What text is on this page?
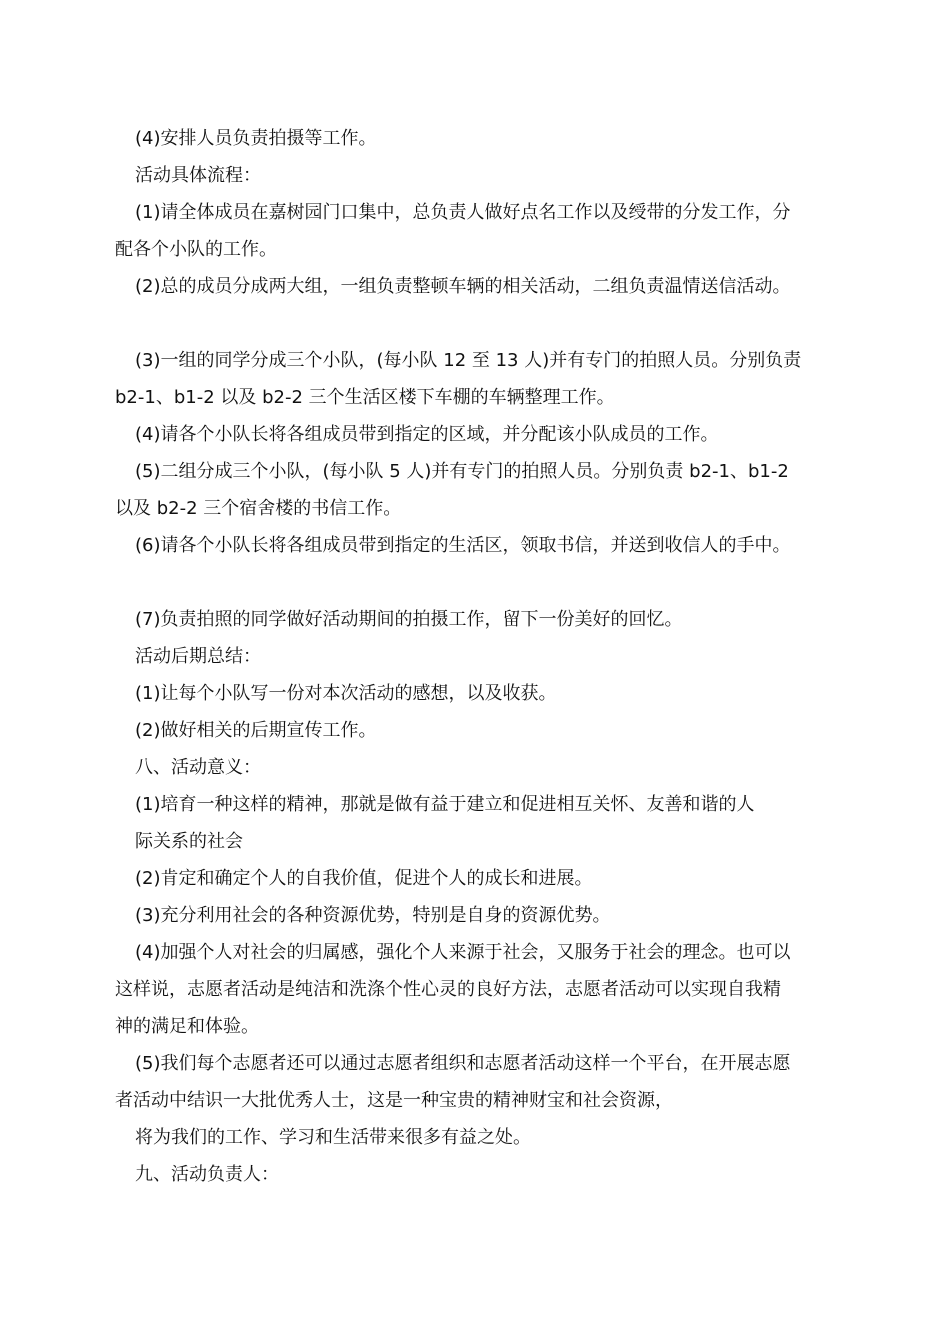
(4)安排人员负责拍摄等工作。
活动具体流程：
(1)请全体成员在嘉树园门口集中，总负责人做好点名工作以及绶带的分发工作，分
配各个小队的工作。
(2)总的成员分成两大组，一组负责整顿车辆的相关活动，二组负责温情送信活动。
(3)一组的同学分成三个小队，(每小队 12 至 13 人)并有专门的拍照人员。分别负责
b2-1、b1-2 以及 b2-2 三个生活区楼下车棚的车辆整理工作。
(4)请各个小队长将各组成员带到指定的区域，并分配该小队成员的工作。
(5)二组分成三个小队，(每小队 5 人)并有专门的拍照人员。分别负责 b2-1、b1-2
以及 b2-2 三个宿舍楼的书信工作。
(6)请各个小队长将各组成员带到指定的生活区，领取书信，并送到收信人的手中。
(7)负责拍照的同学做好活动期间的拍摄工作，留下一份美好的回忆。
活动后期总结：
(1)让每个小队写一份对本次活动的感想，以及收获。
(2)做好相关的后期宣传工作。
八、活动意义：
(1)培育一种这样的精神，那就是做有益于建立和促进相互关怀、友善和谐的人
际关系的社会
(2)肯定和确定个人的自我价值，促进个人的成长和进展。
(3)充分利用社会的各种资源优势，特别是自身的资源优势。
(4)加强个人对社会的归属感，强化个人来源于社会，又服务于社会的理念。也可以
这样说，志愿者活动是纯洁和洗涤个性心灵的良好方法，志愿者活动可以实现自我精
神的满足和体验。
(5)我们每个志愿者还可以通过志愿者组织和志愿者活动这样一个平台，在开展志愿
者活动中结识一大批优秀人士，这是一种宝贵的精神财宝和社会资源，
将为我们的工作、学习和生活带来很多有益之处。
九、活动负责人：
